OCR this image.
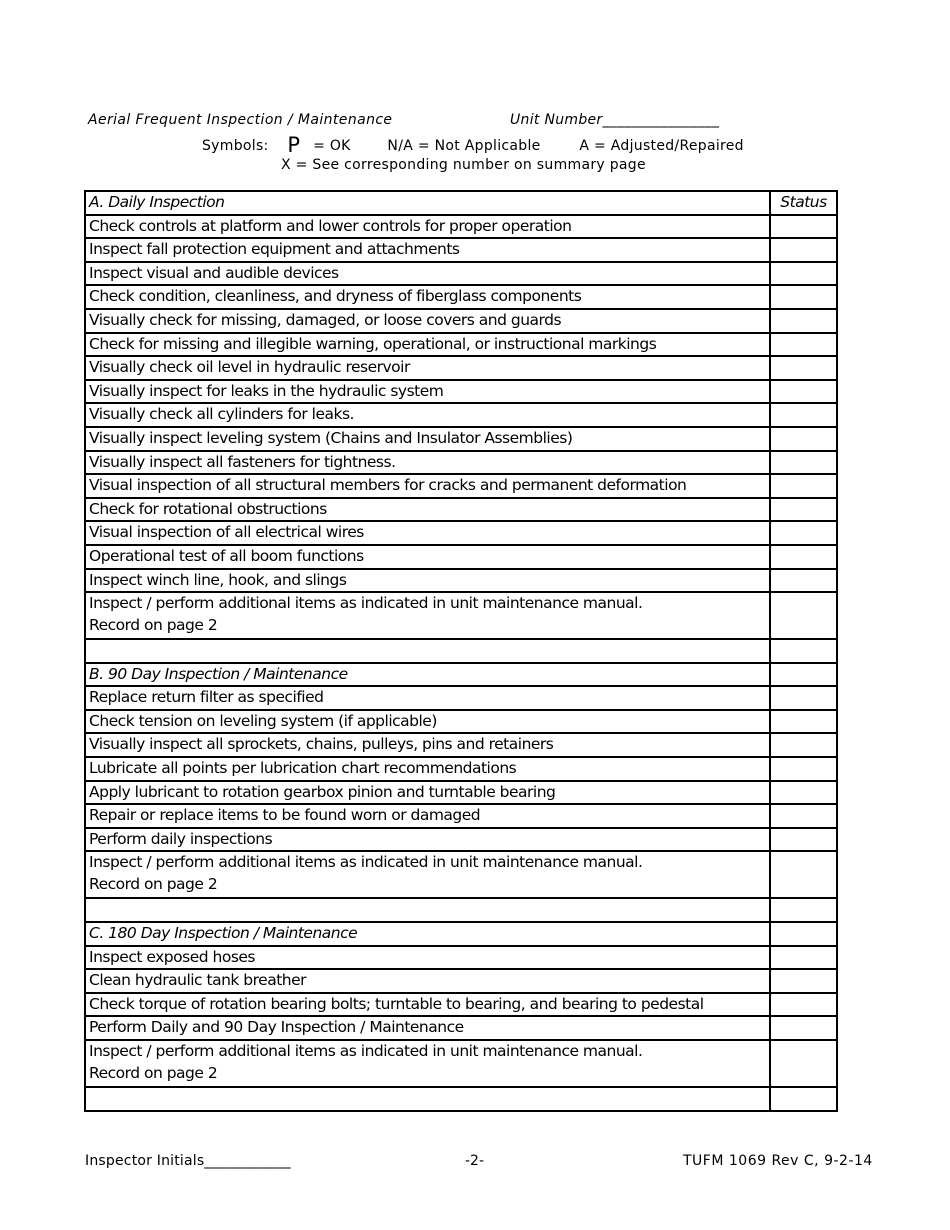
Aerial Frequent Inspection / Maintenance	Unit Number________________
Symbols: P = OK	N/A = Not Applicable	A = Adjusted/Repaired
X = See corresponding number on summary page
A. Daily Inspection	Status
Check controls at platform and lower controls for proper operation	
Inspect fall protection equipment and attachments	
Inspect visual and audible devices	
Check condition, cleanliness, and dryness of fiberglass components	
Visually check for missing, damaged, or loose covers and guards	
Check for missing and illegible warning, operational, or instructional markings	
Visually check oil level in hydraulic reservoir	
Visually inspect for leaks in the hydraulic system	
Visually check all cylinders for leaks.	
Visually inspect leveling system (Chains and Insulator Assemblies)	
Visually inspect all fasteners for tightness.	
Visual inspection of all structural members for cracks and permanent deformation	
Check for rotational obstructions	
Visual inspection of all electrical wires	
Operational test of all boom functions	
Inspect winch line, hook, and slings	
Inspect / perform additional items as indicated in unit maintenance manual.
Record on page 2	

B. 90 Day Inspection / Maintenance	
Replace return filter as specified	
Check tension on leveling system (if applicable)	
Visually inspect all sprockets, chains, pulleys, pins and retainers	
Lubricate all points per lubrication chart recommendations	
Apply lubricant to rotation gearbox pinion and turntable bearing	
Repair or replace items to be found worn or damaged	
Perform daily inspections	
Inspect / perform additional items as indicated in unit maintenance manual.
Record on page 2	

C. 180 Day Inspection / Maintenance	
Inspect exposed hoses	
Clean hydraulic tank breather	
Check torque of rotation bearing bolts; turntable to bearing, and bearing to pedestal	
Perform Daily and 90 Day Inspection / Maintenance	
Inspect / perform additional items as indicated in unit maintenance manual.
Record on page 2	

Inspector Initials____________	-2-	TUFM 1069 Rev C, 9-2-14
